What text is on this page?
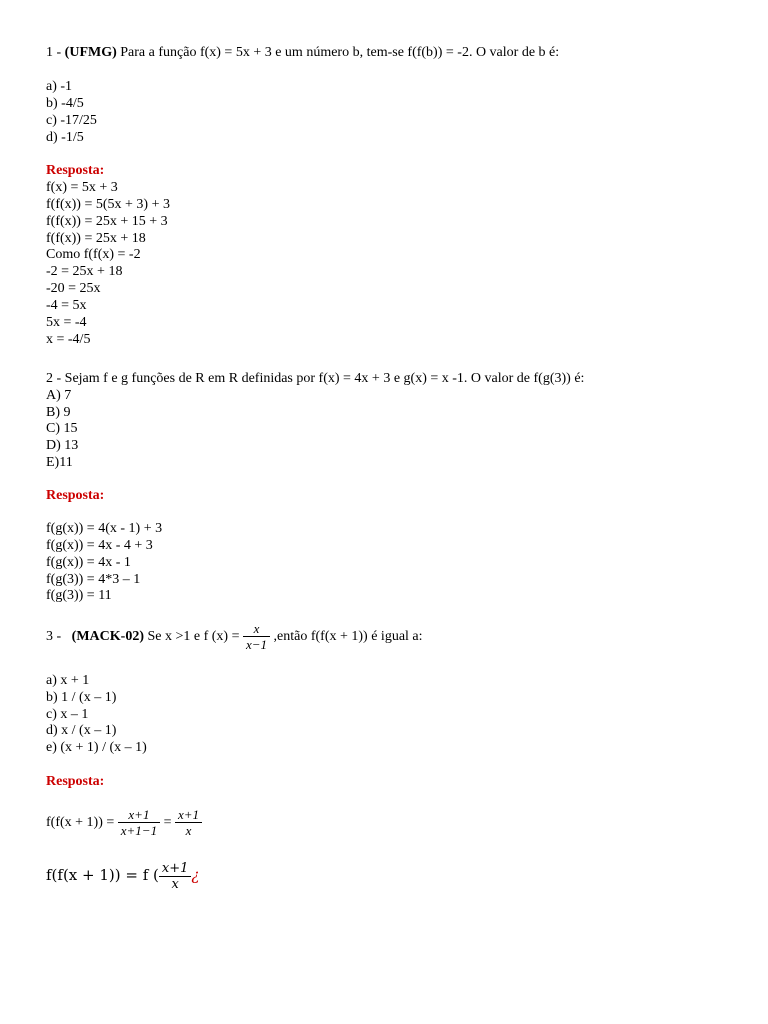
1 - (UFMG) Para a função f(x) = 5x + 3 e um número b, tem-se f(f(b)) = -2. O valor de b é:
a) -1
b) -4/5
c) -17/25
d) -1/5
Resposta:
f(x) = 5x + 3
f(f(x)) = 5(5x + 3) + 3
f(f(x)) = 25x + 15 + 3
f(f(x)) = 25x + 18
Como f(f(x) = -2
-2 = 25x + 18
-20 = 25x
-4 = 5x
5x = -4
x = -4/5
2 - Sejam f e g funções de R em R definidas por f(x) = 4x + 3 e g(x) = x -1. O valor de f(g(3)) é:
A) 7
B) 9
C) 15
D) 13
E)11
Resposta:
f(g(x)) = 4(x - 1) + 3
f(g(x)) = 4x - 4 + 3
f(g(x)) = 4x - 1
f(g(3)) = 4*3 – 1
f(g(3)) = 11
3 - (MACK-02) Se x >1 e f $(x) = \frac{x}{x-1}$ ,então f(f(x + 1)) é igual a:
a) x + 1
b) 1 / (x – 1)
c) x – 1
d) x / (x – 1)
e) (x + 1) / (x – 1)
Resposta:
$f(f(x + 1)) = \frac{x+1}{x+1-1} = \frac{x+1}{x}$
f(f(x + 1)) = f ( $\frac{x+1}{x}$ ¿
